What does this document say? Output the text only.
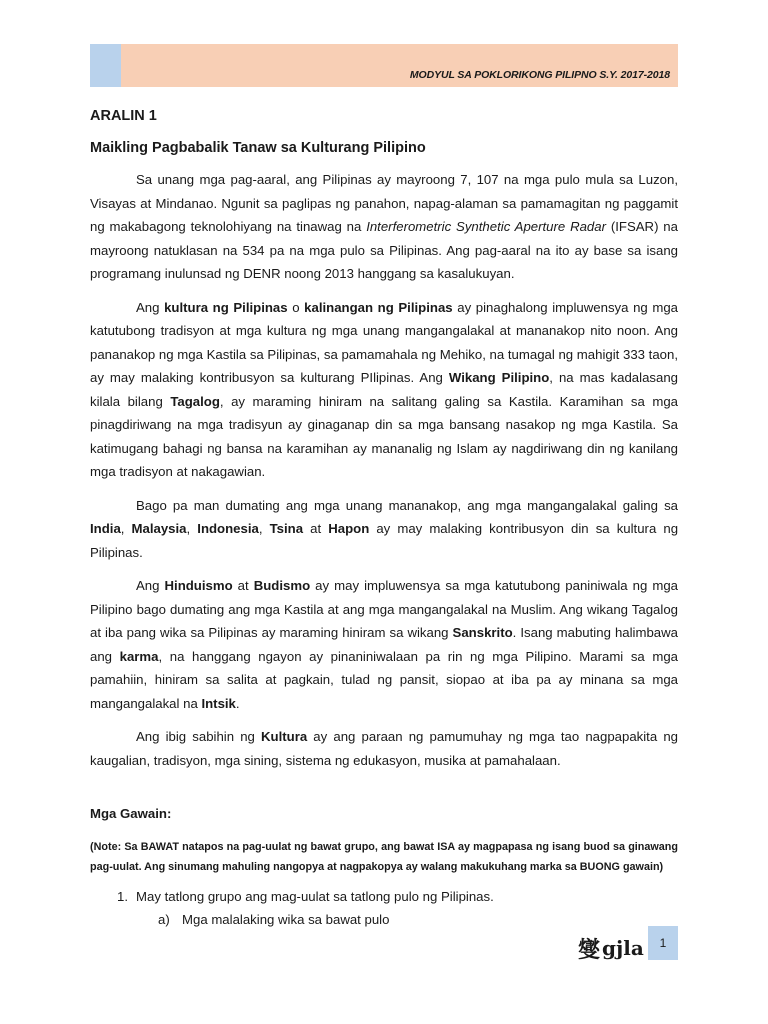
MODYUL SA POKLORIKONG PILIPNO S.Y. 2017-2018
ARALIN 1
Maikling Pagbabalik Tanaw sa Kulturang Pilipino

Sa unang mga pag-aaral, ang Pilipinas ay mayroong 7, 107 na mga pulo mula sa Luzon, Visayas at Mindanao. Ngunit sa paglipas ng panahon, napag-alaman sa pamamagitan ng paggamit ng makabagong teknolohiyang na tinawag na Interferometric Synthetic Aperture Radar (IFSAR) na mayroong natuklasan na 534 pa na mga pulo sa Pilipinas. Ang pag-aaral na ito ay base sa isang programang inulunsad ng DENR noong 2013 hanggang sa kasalukuyan.

Ang kultura ng Pilipinas o kalinangan ng Pilipinas ay pinaghalong impluwensya ng mga katutubong tradisyon at mga kultura ng mga unang mangangalakal at mananakop nito noon. Ang pananakop ng mga Kastila sa Pilipinas, sa pamamahala ng Mehiko, na tumagal ng mahigit 333 taon, ay may malaking kontribusyon sa kulturang PIlipinas. Ang Wikang Pilipino, na mas kadalasang kilala bilang Tagalog, ay maraming hiniram na salitang galing sa Kastila. Karamihan sa mga pinagdiriwang na mga tradisyun ay ginaganap din sa mga bansang nasakop ng mga Kastila. Sa katimugang bahagi ng bansa na karamihan ay mananalig ng Islam ay nagdiriwang din ng kanilang mga tradisyon at nakagawian.

Bago pa man dumating ang mga unang mananakop, ang mga mangangalakal galing sa India, Malaysia, Indonesia, Tsina at Hapon ay may malaking kontribusyon din sa kultura ng Pilipinas.

Ang Hinduismo at Budismo ay may impluwensya sa mga katutubong paniniwala ng mga Pilipino bago dumating ang mga Kastila at ang mga mangangalakal na Muslim. Ang wikang Tagalog at iba pang wika sa Pilipinas ay maraming hiniram sa wikang Sanskrito. Isang mabuting halimbawa ang karma, na hanggang ngayon ay pinaniniwalaan pa rin ng mga Pilipino. Marami sa mga pamahiin, hiniram sa salita at pagkain, tulad ng pansit, siopao at iba pa ay minana sa mga mangangalakal na Intsik.

Ang ibig sabihin ng Kultura ay ang paraan ng pamumuhay ng mga tao nagpapakita ng kaugalian, tradisyon, mga sining, sistema ng edukasyon, musika at pamahalaan.

Mga Gawain:
(Note: Sa BAWAT natapos na pag-uulat ng bawat grupo, ang bawat ISA ay magpapasa ng isang buod sa ginawang pag-uulat. Ang sinumang mahuling nangopya at nagpakopya ay walang makukuhang marka sa BUONG gawain)
1. May tatlong grupo ang mag-uulat sa tatlong pulo ng Pilipinas.
a) Mga malalaking wika sa bawat pulo
燮 gjla	1
